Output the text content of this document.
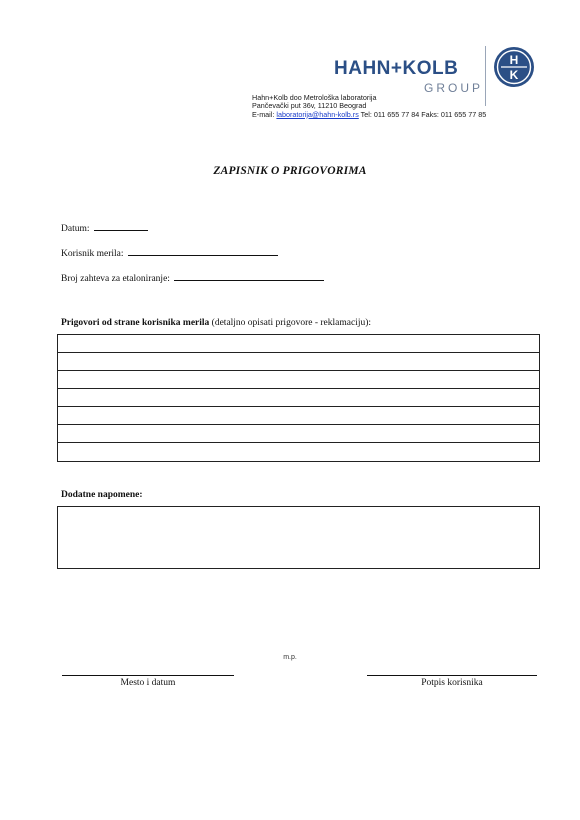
HAHN+KOLB
GROUP
H
K
Hahn+Kolb doo Metrološka laboratorija
Pančevački put 36v, 11210 Beograd
E-mail: laboratorija@hahn-kolb.rs Tel: 011 655 77 84 Faks: 011 655 77 85
ZAPISNIK O PRIGOVORIMA
Datum:
Korisnik merila:
Broj zahteva za etaloniranje:
Prigovori od strane korisnika merila (detaljno opisati prigovore - reklamaciju):
Dodatne napomene:
m.p.
Mesto i datum	Potpis korisnika
